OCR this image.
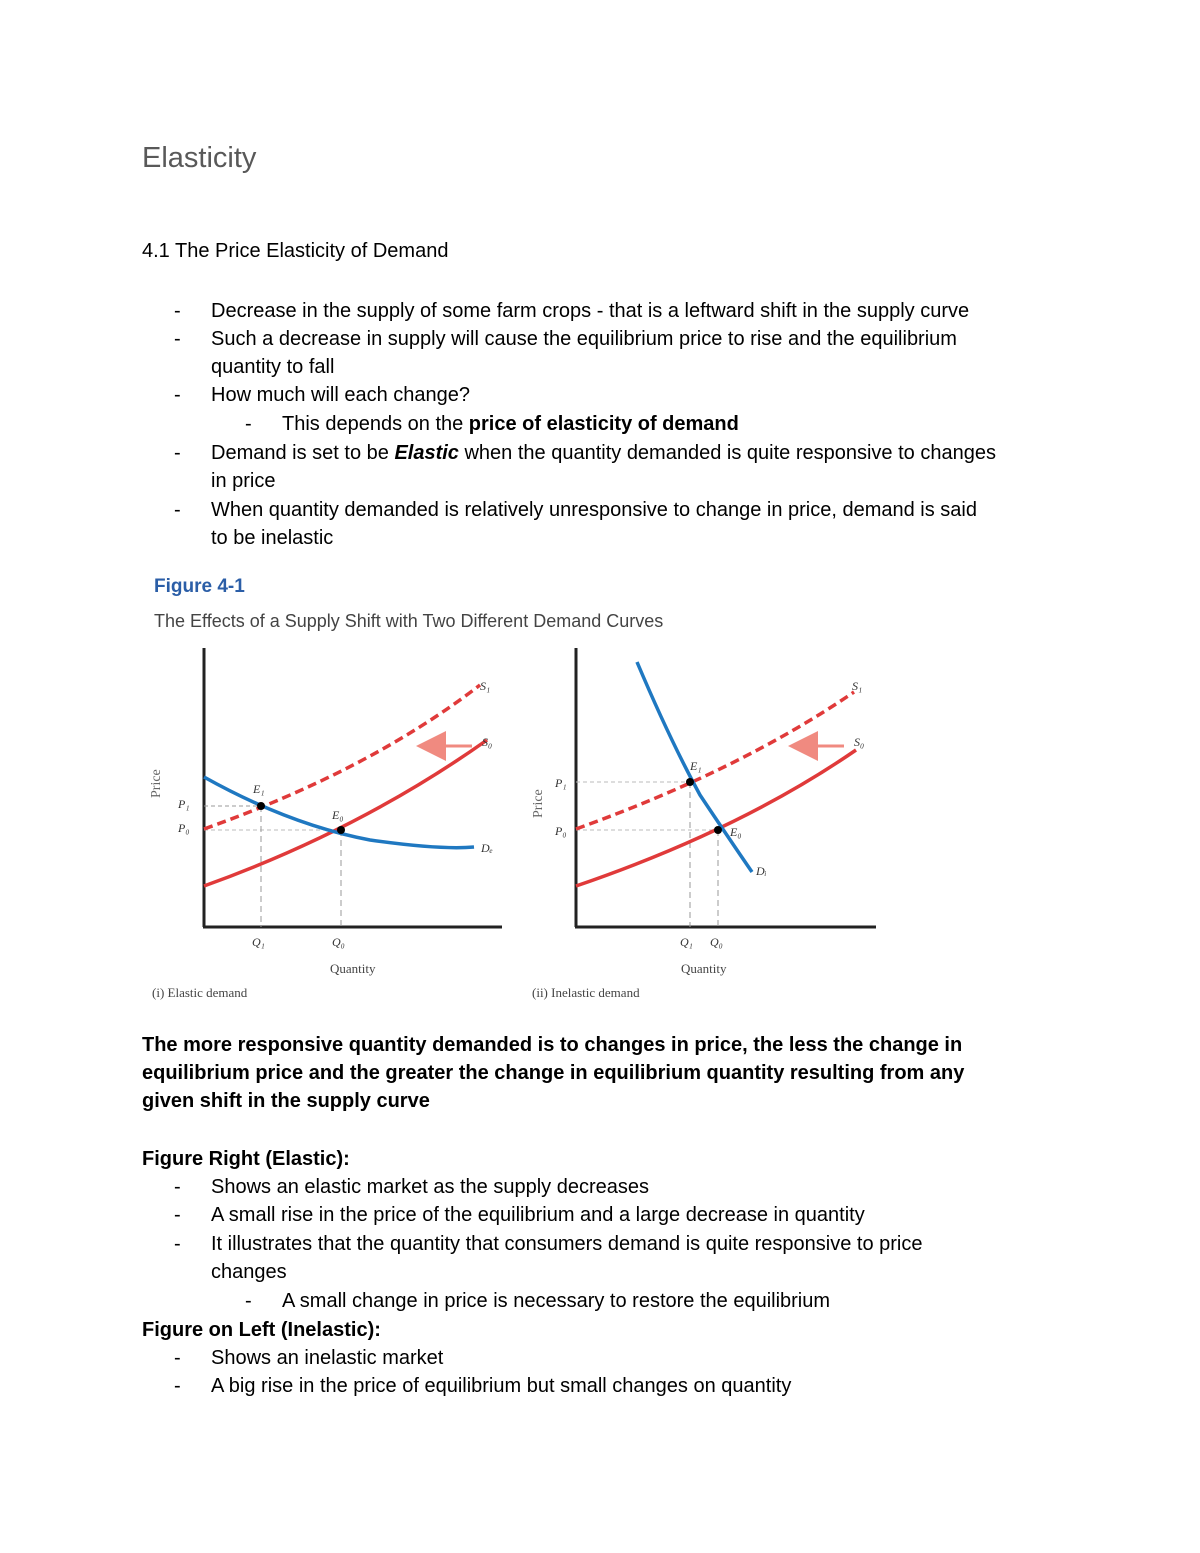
Elasticity
4.1 The Price Elasticity of Demand
- Decrease in the supply of some farm crops - that is a leftward shift in the supply curve
- Such a decrease in supply will cause the equilibrium price to rise and the equilibrium
quantity to fall
- How much will each change?
- This depends on the price of elasticity of demand
- Demand is set to be Elastic when the quantity demanded is quite responsive to changes
in price
- When quantity demanded is relatively unresponsive to change in price, demand is said
to be inelastic
Figure 4-1
The Effects of a Supply Shift with Two Different Demand Curves
Price
P₁
P₀
E₁
E₀
S₁
S₀
Dₑ
Q₁	Q₀
Quantity
(i) Elastic demand
Price
P₁
P₀
E₁
E₀
S₁
S₀
Dᵢ
Q₁ Q₀
Quantity
(ii) Inelastic demand
The more responsive quantity demanded is to changes in price, the less the change in
equilibrium price and the greater the change in equilibrium quantity resulting from any
given shift in the supply curve
Figure Right (Elastic):
- Shows an elastic market as the supply decreases
- A small rise in the price of the equilibrium and a large decrease in quantity
- It illustrates that the quantity that consumers demand is quite responsive to price
changes
- A small change in price is necessary to restore the equilibrium
Figure on Left (Inelastic):
- Shows an inelastic market
- A big rise in the price of equilibrium but small changes on quantity
